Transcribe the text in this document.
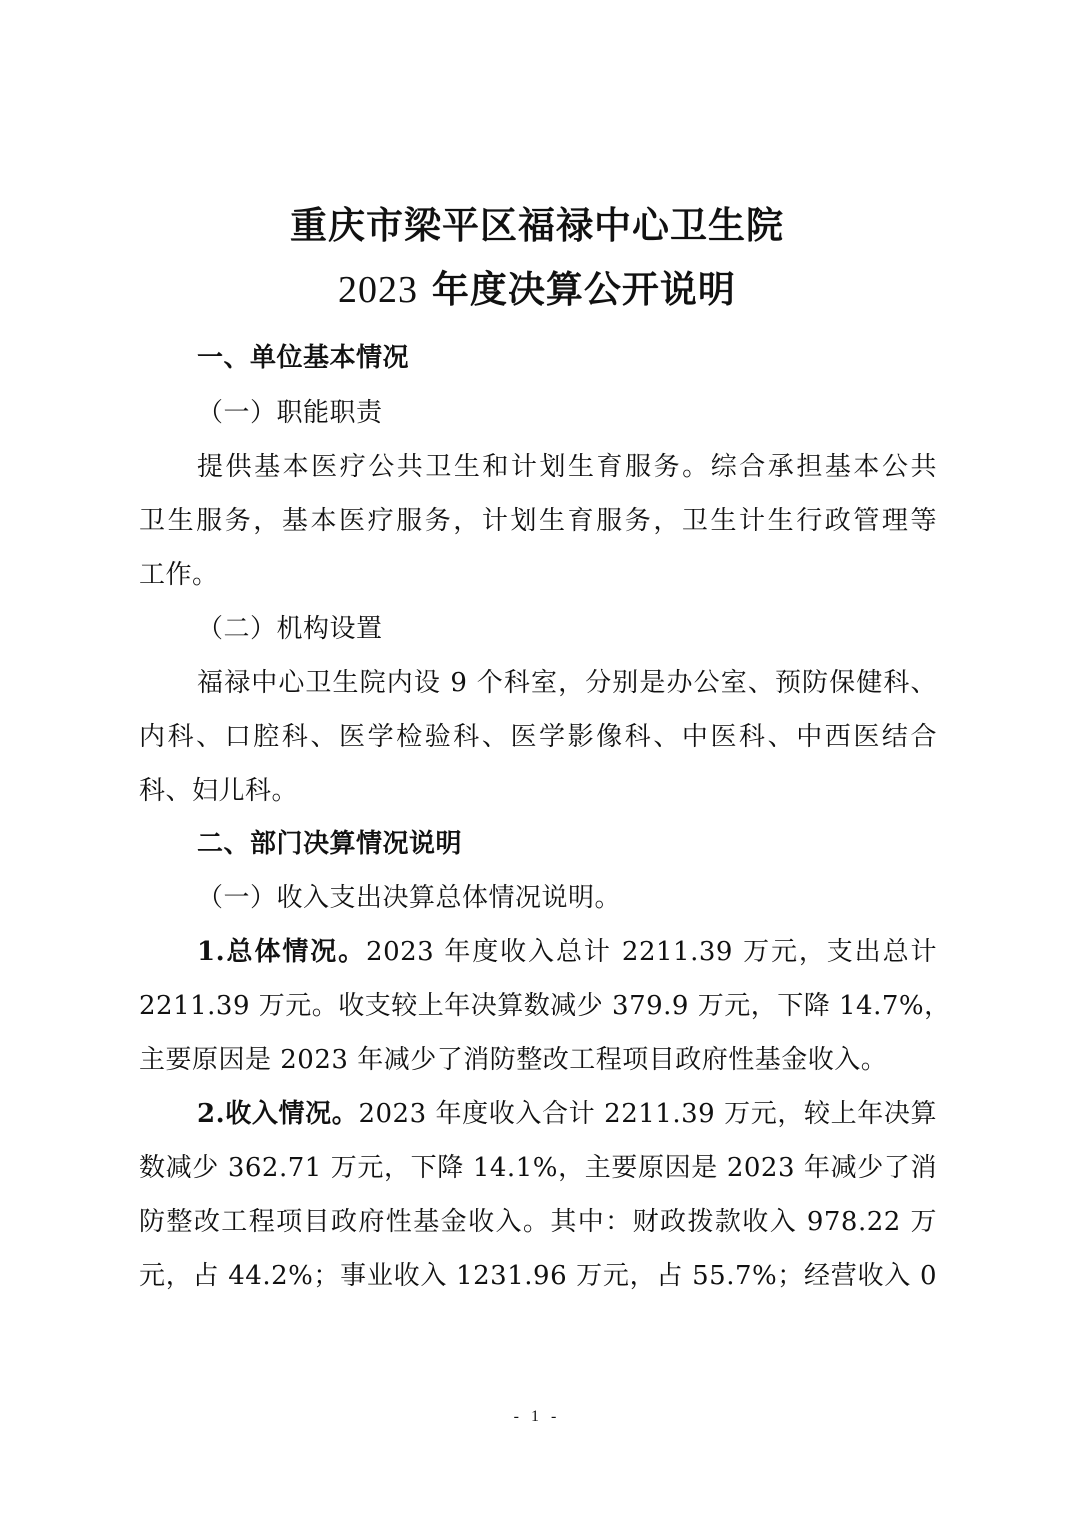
重庆市梁平区福禄中心卫生院
2023 年度决算公开说明
一、单位基本情况
（一）职能职责
提供基本医疗公共卫生和计划生育服务。综合承担基本公共
卫生服务，基本医疗服务，计划生育服务，卫生计生行政管理等
工作。
（二）机构设置
福禄中心卫生院内设 9 个科室，分别是办公室、预防保健科、
内科、口腔科、医学检验科、医学影像科、中医科、中西医结合
科、妇儿科。
二、部门决算情况说明
（一）收入支出决算总体情况说明。
1.总体情况。2023 年度收入总计 2211.39 万元，支出总计
2211.39 万元。收支较上年决算数减少 379.9 万元，下降 14.7%，
主要原因是 2023 年减少了消防整改工程项目政府性基金收入。
2.收入情况。2023 年度收入合计 2211.39 万元，较上年决算
数减少 362.71 万元，下降 14.1%，主要原因是 2023 年减少了消
防整改工程项目政府性基金收入。其中：财政拨款收入 978.22 万
元，占 44.2%；事业收入 1231.96 万元，占 55.7%；经营收入 0
- 1 -
